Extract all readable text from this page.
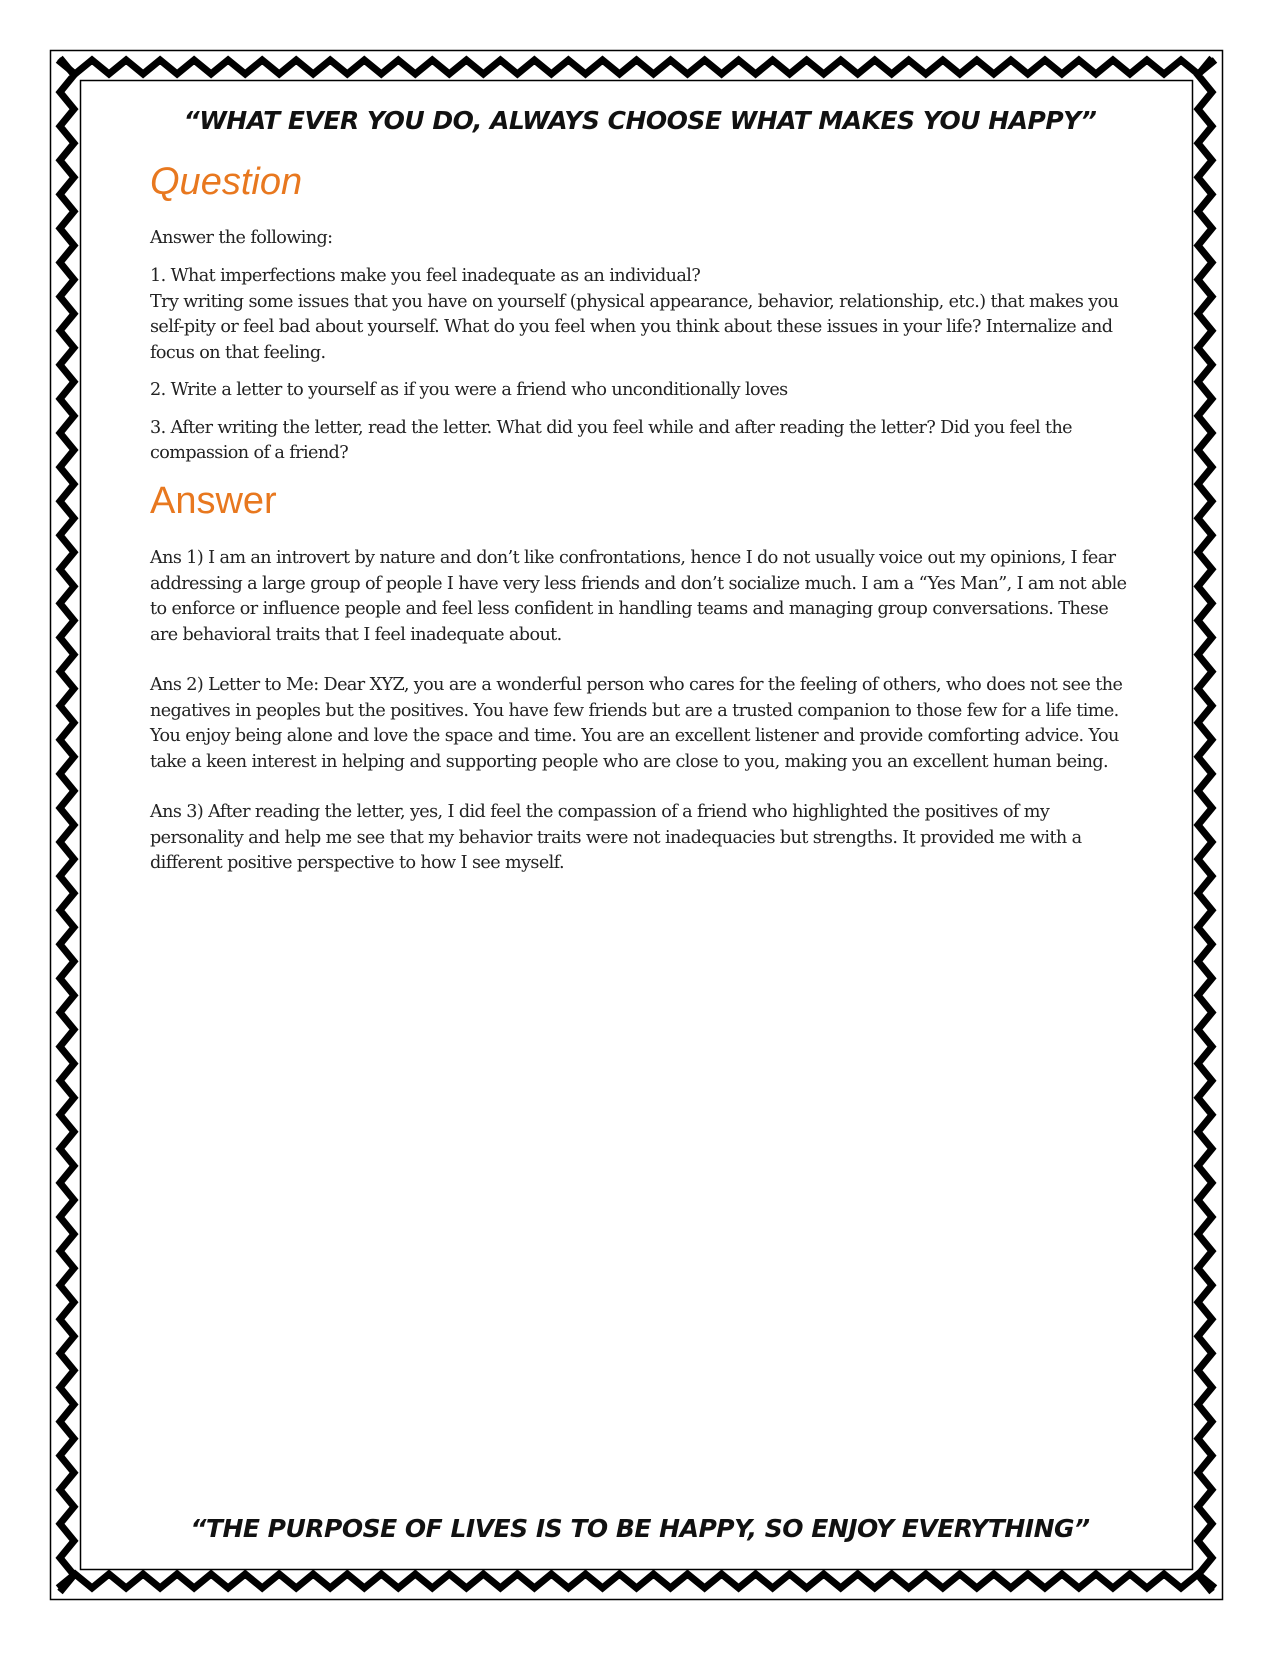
“WHAT EVER YOU DO, ALWAYS CHOOSE WHAT MAKES YOU HAPPY”

Question

Answer the following:

1. What imperfections make you feel inadequate as an individual?

Try writing some issues that you have on yourself (physical appearance, behavior, relationship, etc.) that makes you self-pity or feel bad about yourself. What do you feel when you think about these issues in your life? Internalize and focus on that feeling.

2. Write a letter to yourself as if you were a friend who unconditionally loves

3. After writing the letter, read the letter. What did you feel while and after reading the letter? Did you feel the compassion of a friend?

Answer

Ans 1) I am an introvert by nature and don’t like confrontations, hence I do not usually voice out my opinions, I fear addressing a large group of people I have very less friends and don’t socialize much. I am a “Yes Man”, I am not able to enforce or influence people and feel less confident in handling teams and managing group conversations. These are behavioral traits that I feel inadequate about.

Ans 2) Letter to Me: Dear XYZ, you are a wonderful person who cares for the feeling of others, who does not see the negatives in peoples but the positives. You have few friends but are a trusted companion to those few for a life time. You enjoy being alone and love the space and time. You are an excellent listener and provide comforting advice. You take a keen interest in helping and supporting people who are close to you, making you an excellent human being.

Ans 3) After reading the letter, yes, I did feel the compassion of a friend who highlighted the positives of my personality and help me see that my behavior traits were not inadequacies but strengths. It provided me with a different positive perspective to how I see myself.

“THE PURPOSE OF LIVES IS TO BE HAPPY, SO ENJOY EVERYTHING”
